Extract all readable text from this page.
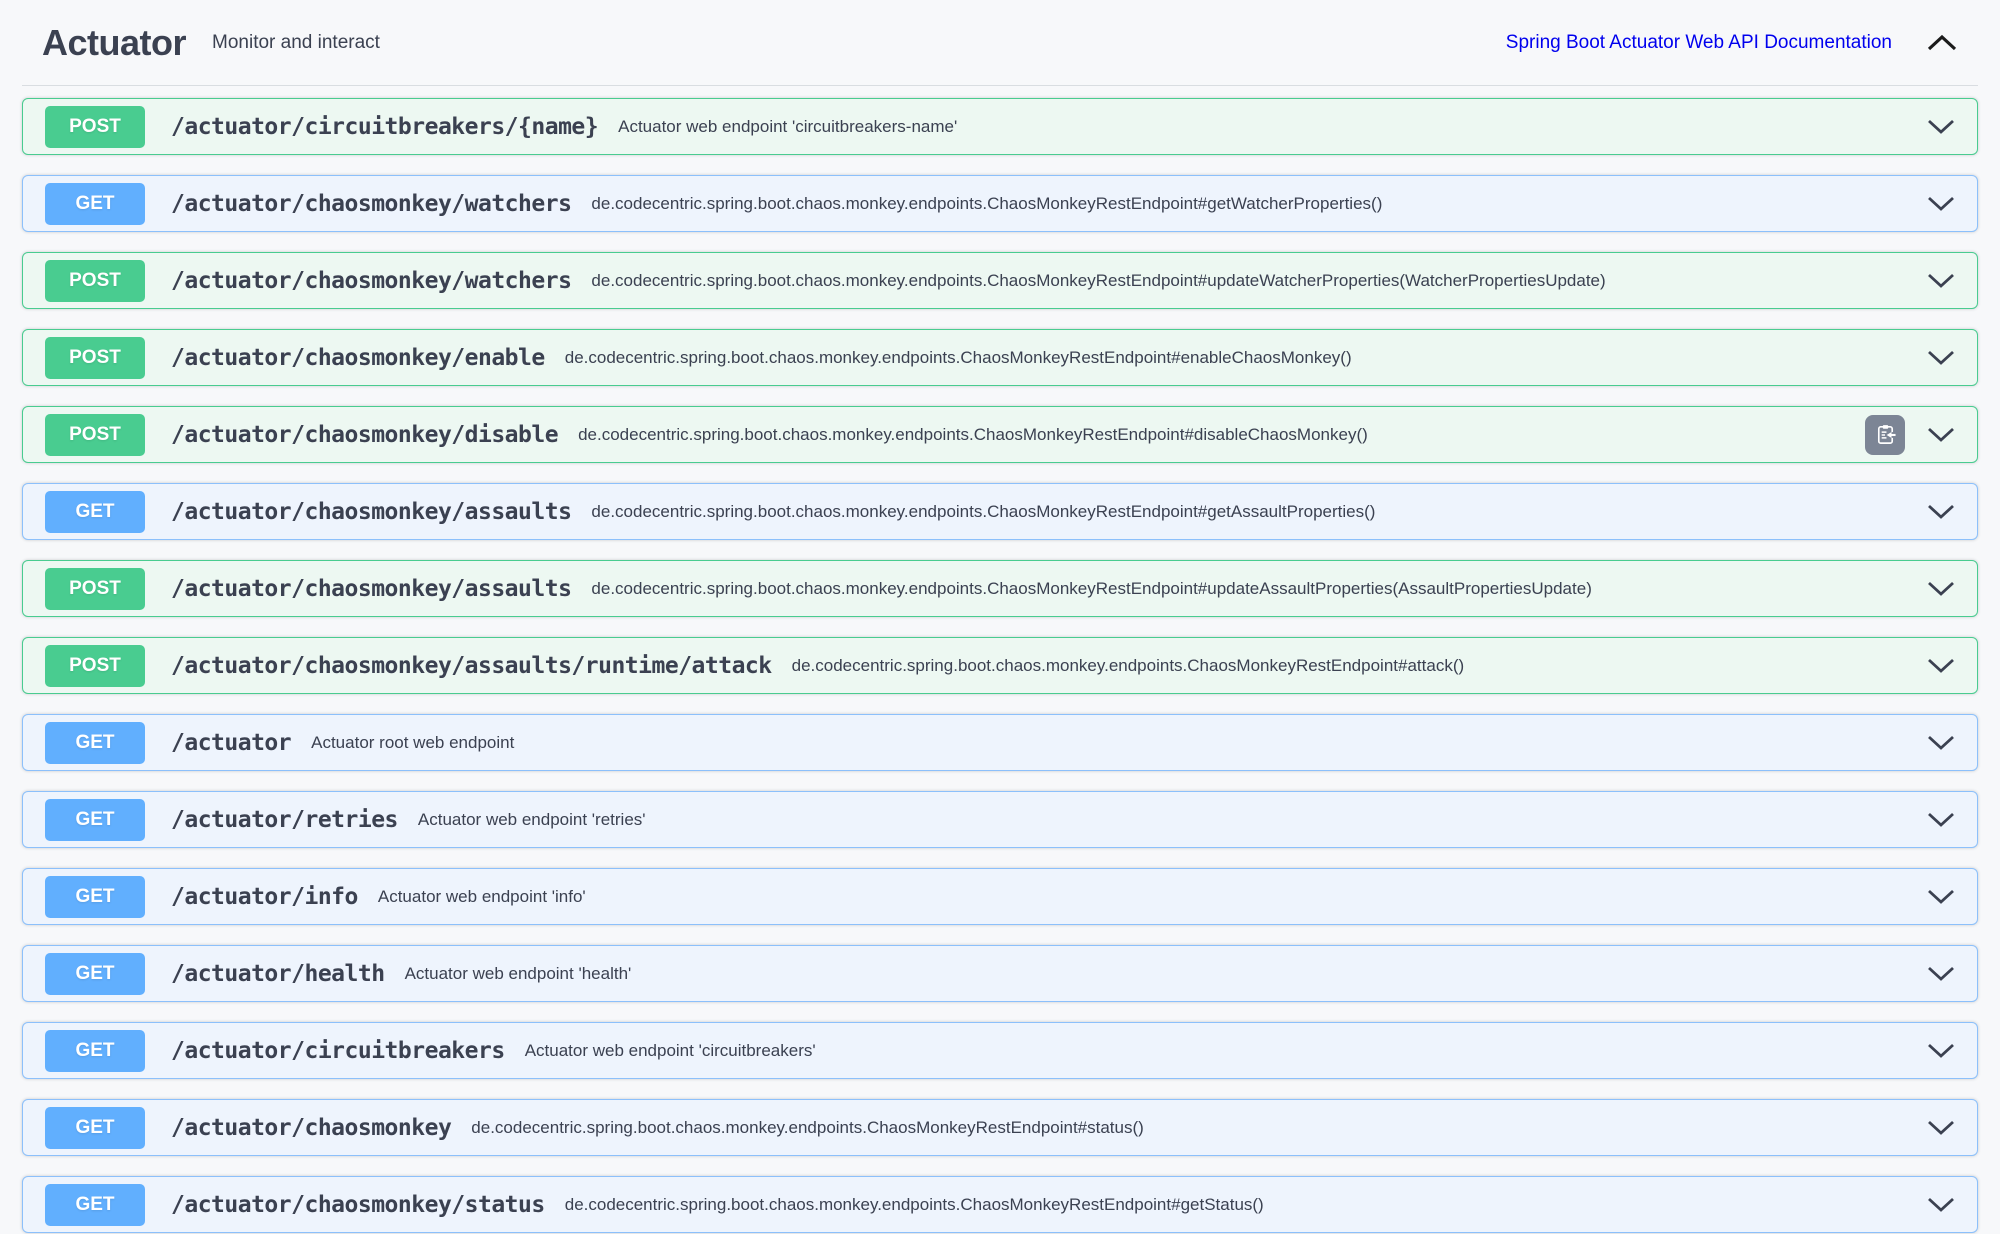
Actuator Monitor and interact	Spring Boot Actuator Web API Documentation
POST	/actuator/circuitbreakers/{name} Actuator web endpoint 'circuitbreakers-name'
GET	/actuator/chaosmonkey/watchers de.codecentric.spring.boot.chaos.monkey.endpoints.ChaosMonkeyRestEndpoint#getWatcherProperties()
POST	/actuator/chaosmonkey/watchers de.codecentric.spring.boot.chaos.monkey.endpoints.ChaosMonkeyRestEndpoint#updateWatcherProperties(WatcherPropertiesUpdate)
POST	/actuator/chaosmonkey/enable de.codecentric.spring.boot.chaos.monkey.endpoints.ChaosMonkeyRestEndpoint#enableChaosMonkey()
POST	/actuator/chaosmonkey/disable de.codecentric.spring.boot.chaos.monkey.endpoints.ChaosMonkeyRestEndpoint#disableChaosMonkey()
GET	/actuator/chaosmonkey/assaults de.codecentric.spring.boot.chaos.monkey.endpoints.ChaosMonkeyRestEndpoint#getAssaultProperties()
POST	/actuator/chaosmonkey/assaults de.codecentric.spring.boot.chaos.monkey.endpoints.ChaosMonkeyRestEndpoint#updateAssaultProperties(AssaultPropertiesUpdate)
POST	/actuator/chaosmonkey/assaults/runtime/attack de.codecentric.spring.boot.chaos.monkey.endpoints.ChaosMonkeyRestEndpoint#attack()
GET	/actuator Actuator root web endpoint
GET	/actuator/retries Actuator web endpoint 'retries'
GET	/actuator/info Actuator web endpoint 'info'
GET	/actuator/health Actuator web endpoint 'health'
GET	/actuator/circuitbreakers Actuator web endpoint 'circuitbreakers'
GET	/actuator/chaosmonkey de.codecentric.spring.boot.chaos.monkey.endpoints.ChaosMonkeyRestEndpoint#status()
GET	/actuator/chaosmonkey/status de.codecentric.spring.boot.chaos.monkey.endpoints.ChaosMonkeyRestEndpoint#getStatus()
